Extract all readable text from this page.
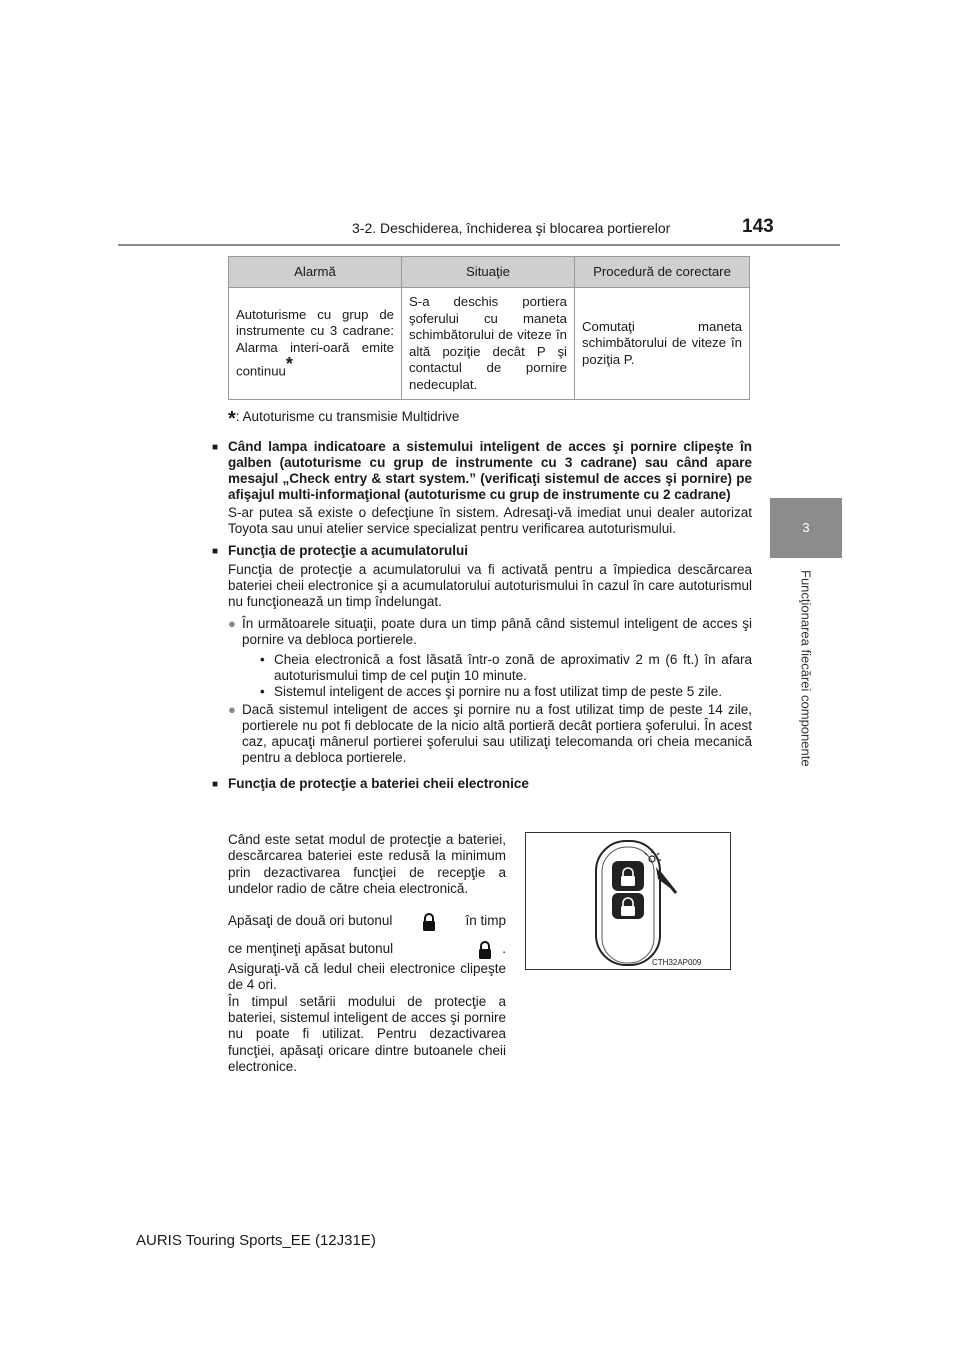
3-2. Deschiderea, închiderea şi blocarea portierelor	143
3
Funcţionarea fiecărei componente
Alarmă	Situaţie	Procedură de corectare
Autoturisme cu grup de instrumente cu 3 cadrane: Alarma interi-oară emite continuu*	S-a deschis portiera şoferului cu maneta schimbătorului de viteze în altă poziţie decât P şi contactul de pornire nedecuplat.	Comutaţi maneta schimbătorului de viteze în poziţia P.
*: Autoturisme cu transmisie Multidrive
■ Când lampa indicatoare a sistemului inteligent de acces şi pornire clipeşte în galben (autoturisme cu grup de instrumente cu 3 cadrane) sau când apare mesajul „Check entry & start system.” (verificaţi sistemul de acces şi pornire) pe afişajul multi-informaţional (autoturisme cu grup de instrumente cu 2 cadrane)

S-ar putea să existe o defecţiune în sistem. Adresaţi-vă imediat unui dealer autorizat Toyota sau unui atelier service specializat pentru verificarea autoturismului.

■ Funcţia de protecţie a acumulatorului

Funcţia de protecţie a acumulatorului va fi activată pentru a împiedica descărcarea bateriei cheii electronice şi a acumulatorului autoturismului în cazul în care autoturismul nu funcţionează un timp îndelungat.

● În următoarele situaţii, poate dura un timp până când sistemul inteligent de acces şi pornire va debloca portierele.
• Cheia electronică a fost lăsată într-o zonă de aproximativ 2 m (6 ft.) în afara autoturismului timp de cel puţin 10 minute.
• Sistemul inteligent de acces şi pornire nu a fost utilizat timp de peste 5 zile.
● Dacă sistemul inteligent de acces şi pornire nu a fost utilizat timp de peste 14 zile, portierele nu pot fi deblocate de la nicio altă portieră decât portiera şoferului. În acest caz, apucaţi mânerul portierei şoferului sau utilizaţi telecomanda ori cheia mecanică pentru a debloca portierele.
■ Funcţia de protecţie a bateriei cheii electronice

Când este setat modul de protecţie a bateriei, descărcarea bateriei este redusă la minimum prin dezactivarea funcţiei de recepţie a undelor radio de către cheia electronică.

Apăsaţi de două ori butonul	în timp
ce menţineţi apăsat butonul	.

Asiguraţi-vă că ledul cheii electronice clipeşte de 4 ori.

În timpul setării modului de protecţie a bateriei, sistemul inteligent de acces şi pornire nu poate fi utilizat. Pentru dezactivarea funcţiei, apăsaţi oricare dintre butoanele cheii electronice.

CTH32AP009
AURIS Touring Sports_EE (12J31E)
